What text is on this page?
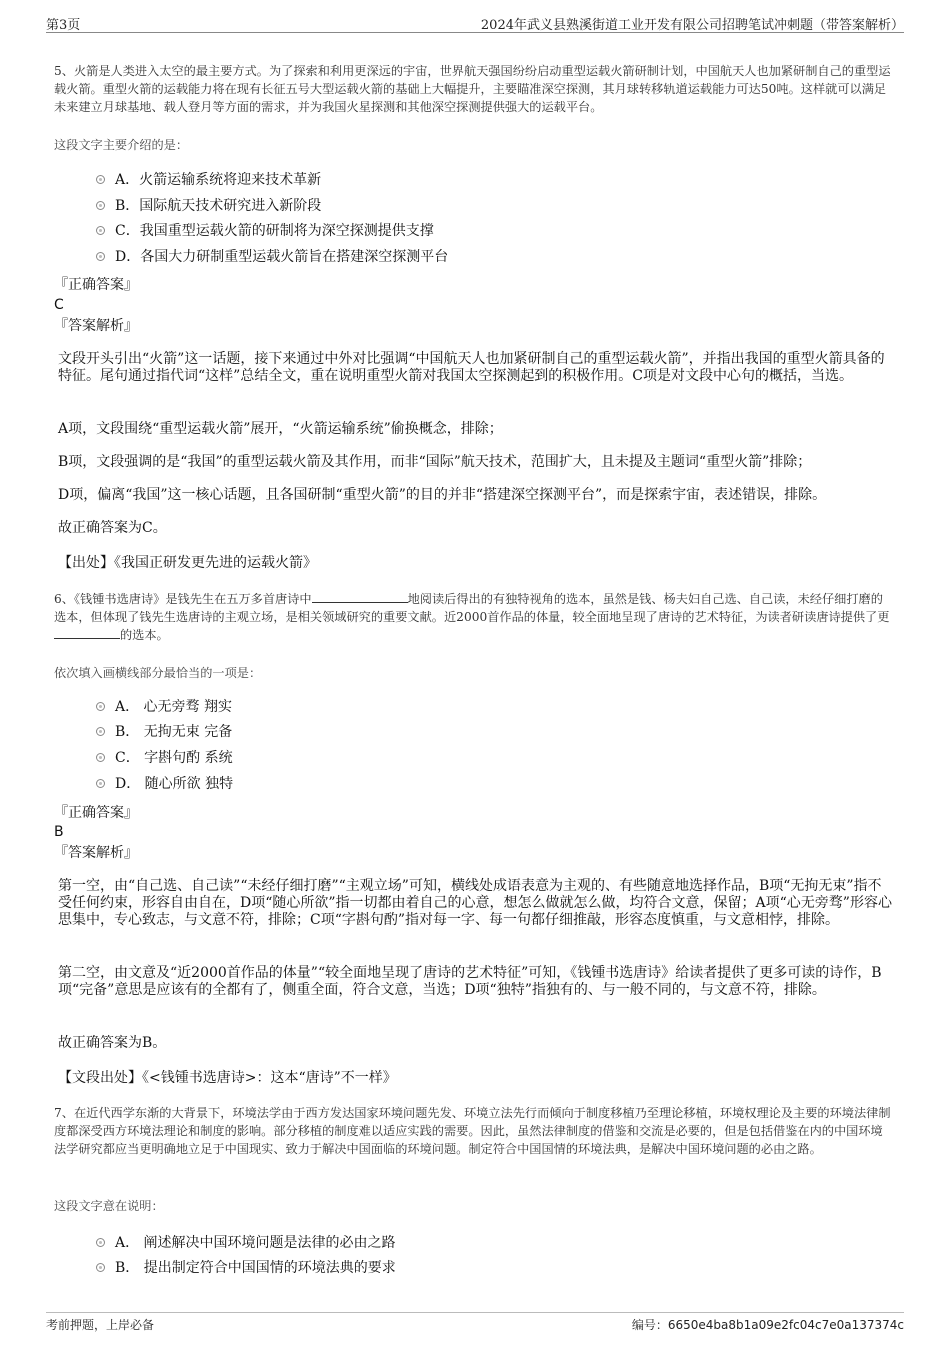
第3页	2024年武义县熟溪街道工业开发有限公司招聘笔试冲刺题（带答案解析）
5、火箭是人类进入太空的最主要方式。为了探索和利用更深远的宇宙，世界航天强国纷纷启动重型运载火箭研制计划，中国航天人也加紧研制自己的重型运载火箭。重型火箭的运载能力将在现有长征五号大型运载火箭的基础上大幅提升，主要瞄准深空探测，其月球转移轨道运载能力可达50吨。这样就可以满足未来建立月球基地、载人登月等方面的需求，并为我国火星探测和其他深空探测提供强大的运载平台。
这段文字主要介绍的是：
A．火箭运输系统将迎来技术革新
B．国际航天技术研究进入新阶段
C．我国重型运载火箭的研制将为深空探测提供支撑
D．各国大力研制重型运载火箭旨在搭建深空探测平台
『正确答案』
C
『答案解析』
文段开头引出“火箭”这一话题，接下来通过中外对比强调“中国航天人也加紧研制自己的重型运载火箭”，并指出我国的重型火箭具备的特征。尾句通过指代词“这样”总结全文，重在说明重型火箭对我国太空探测起到的积极作用。C项是对文段中心句的概括，当选。
A项，文段围绕“重型运载火箭”展开，“火箭运输系统”偷换概念，排除；
B项，文段强调的是“我国”的重型运载火箭及其作用，而非“国际”航天技术，范围扩大，且未提及主题词“重型火箭”排除；
D项，偏离“我国”这一核心话题，且各国研制“重型火箭”的目的并非“搭建深空探测平台”，而是探索宇宙，表述错误，排除。
故正确答案为C。
【出处】《我国正研发更先进的运载火箭》
6、《钱锺书选唐诗》是钱先生在五万多首唐诗中	地阅读后得出的有独特视角的选本，虽然是钱、杨夫妇自己选、自己读，未经仔细打磨的选本，但体现了钱先生选唐诗的主观立场，是相关领域研究的重要文献。近2000首作品的体量，较全面地呈现了唐诗的艺术特征，为读者研读唐诗提供了更的选本。
依次填入画横线部分最恰当的一项是：
A． 心无旁骛 翔实
B． 无拘无束 完备
C． 字斟句酌 系统
D． 随心所欲 独特
『正确答案』
B
『答案解析』
第一空，由“自己选、自己读”“未经仔细打磨”“主观立场”可知，横线处成语表意为主观的、有些随意地选择作品，B项“无拘无束”指不受任何约束，形容自由自在，D项“随心所欲”指一切都由着自己的心意，想怎么做就怎么做，均符合文意，保留；A项“心无旁骛”形容心思集中，专心致志，与文意不符，排除；C项“字斟句酌”指对每一字、每一句都仔细推敲，形容态度慎重，与文意相悖，排除。
第二空，由文意及“近2000首作品的体量”“较全面地呈现了唐诗的艺术特征”可知，《钱锺书选唐诗》给读者提供了更多可读的诗作，B项“完备”意思是应该有的全都有了，侧重全面，符合文意，当选；D项“独特”指独有的、与一般不同的，与文意不符，排除。
故正确答案为B。
【文段出处】《<钱锺书选唐诗>：这本“唐诗”不一样》
7、在近代西学东渐的大背景下，环境法学由于西方发达国家环境问题先发、环境立法先行而倾向于制度移植乃至理论移植，环境权理论及主要的环境法律制度都深受西方环境法理论和制度的影响。部分移植的制度难以适应实践的需要。因此，虽然法律制度的借鉴和交流是必要的，但是包括借鉴在内的中国环境法学研究都应当更明确地立足于中国现实、致力于解决中国面临的环境问题。制定符合中国国情的环境法典，是解决中国环境问题的必由之路。
这段文字意在说明：
A． 阐述解决中国环境问题是法律的必由之路
B． 提出制定符合中国国情的环境法典的要求
考前押题，上岸必备	编号：6650e4ba8b1a09e2fc04c7e0a137374c
